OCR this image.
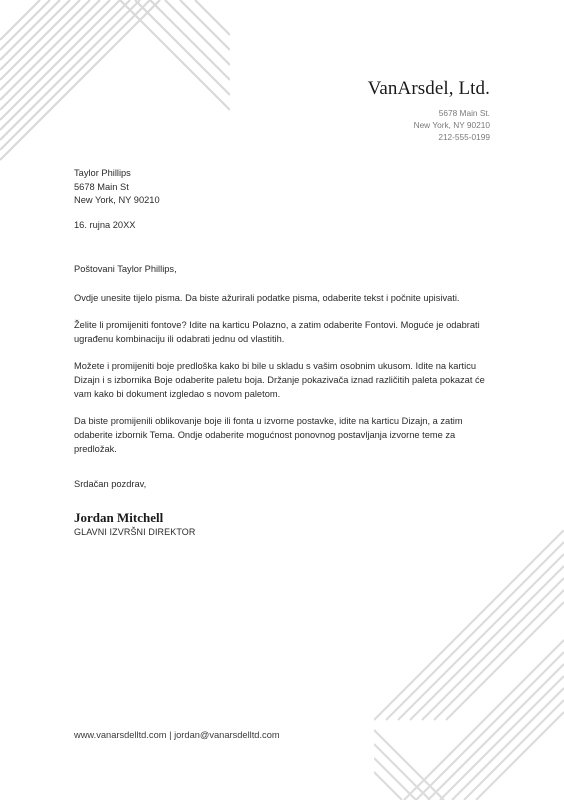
VanArsdel, Ltd.
5678 Main St.
New York, NY 90210
212-555-0199
Taylor Phillips
5678 Main St
New York, NY 90210
16. rujna 20XX
Poštovani Taylor Phillips,

Ovdje unesite tijelo pisma. Da biste ažurirali podatke pisma, odaberite tekst i počnite upisivati.

Želite li promijeniti fontove? Idite na karticu Polazno, a zatim odaberite Fontovi. Moguće je odabrati ugrađenu kombinaciju ili odabrati jednu od vlastitih.

Možete i promijeniti boje predloška kako bi bile u skladu s vašim osobnim ukusom. Idite na karticu Dizajn i s izbornika Boje odaberite paletu boja. Držanje pokazivača iznad različitih paleta pokazat će vam kako bi dokument izgledao s novom paletom.

Da biste promijenili oblikovanje boje ili fonta u izvorne postavke, idite na karticu Dizajn, a zatim odaberite izbornik Tema. Ondje odaberite mogućnost ponovnog postavljanja izvorne teme za predložak.

Srdačan pozdrav,
Jordan Mitchell
GLAVNI IZVRŠNI DIREKTOR
www.vanarsdelltd.com | jordan@vanarsdelltd.com
